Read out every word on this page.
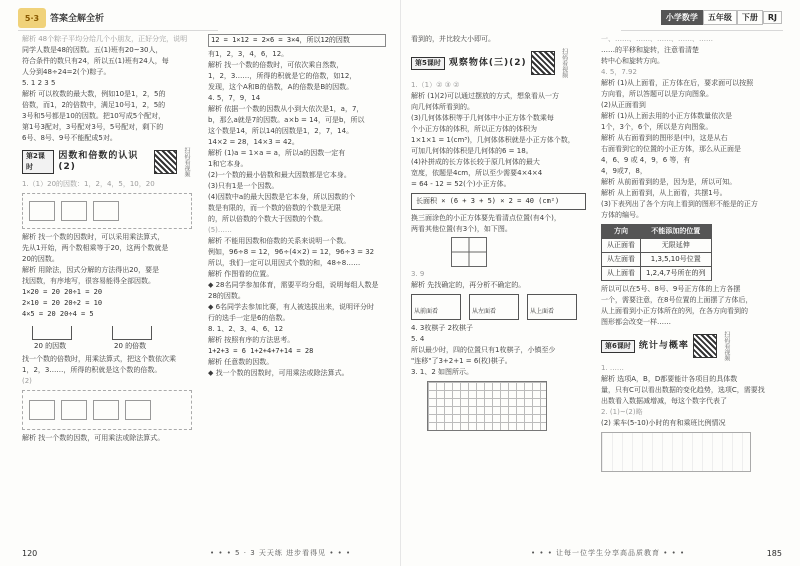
5·3	答案全解全析
解析 48个粽子平均分给几个小朋友，正好分完，说明
同学人数是48的因数。五(1)班有20~30人，
符合条件的数只有24，所以五(1)班有24人，每
人分到48÷24=2(个)粽子。
5. 1 2 3 5
解析 可以枚数的最大数，例如10是1，2，5的
倍数，而1，2的倍数中，满足10号1，2，5的
3号和5号都是10的因数。把10写成5个配对，
第1号3配对，3号配对3号，5号配对，剩下的
6号、8号、9号不能配成5对。
第2课时
因数和倍数的认识(2)	扫码看视频
1.（1）20的因数：1，2，4，5，10，20
解析 找一个数的因数时，可以采用乘法算式，
先从1开始，两个数相乘等于20，这两个数就是
20的因数。
解析 用除法，因式分解的方法得出20，要是
找因数，有序地写，很容易能得全部因数。
1×20 = 20 20÷1 = 20
2×10 = 20 20÷2 = 10
4×5 = 20 20÷4 = 5
20 的因数	20 的倍数
找一个数的倍数时，用乘法算式，把这个数依次乘
1，2，3……，所得的积就是这个数的倍数。
(2)
解析 找一个数的因数，可用乘法或除法算式。
12 = 1×12 = 2×6 = 3×4，所以12的因数
有1，2，3，4，6，12。
解析 找一个数的倍数时，可依次乘自然数，
1，2，3……，所得的积就是它的倍数，如12，
发现，这个A和B的倍数，A的倍数是B的因数。
4. 5，7，9，14
解析 依据一个数的因数从小到大依次是1，a，7，
b，那么a就是7的因数。a×b = 14，可是b，所以
这个数是14，所以14的因数是1，2，7，14。
14×2 = 28，14×3 = 42。
解析 (1)a = 1×a = a，所以a的因数一定有
1和它本身。
(2)一个数的最小倍数和最大因数都是它本身。
(3)只有1是一个因数。
(4)因数中a的最大因数是它本身，所以因数的个
数是有限的，而一个数的倍数的个数是无限
的，所以倍数的个数大于因数的个数。
(5)……
解析 不能用因数和倍数的关系来说明一个数。
例如，96÷8 = 12，96÷(4×2) = 12，96÷3 = 32
所以，我们一定可以用因式个数的和，48÷8……
解析 作图看的位置。
◆ 28名同学参加体育，需要平均分组，说明每组人数是
28的因数。
◆ 6名同学去参加比赛，有人被选拔出来，说明评分时
行的选手一定是6的倍数。
8. 1、2、3、4、6、12
解析 按照有序的方法思考。
1+2+3 = 6 1+2+4+7+14 = 28
解析 任意数的因数。
◆ 找一个数的因数时，可用乘法或除法算式。
120	• • • 5 · 3 天天练 进步看得见 • • •
小学数学	五年级	下册	RJ
看到的，并比较大小即可。
第5课时 观察物体(三)(2)	扫码看视频
1.（1）② ③ ②
解析 (1)(2)可以通过摆放的方式，想象看从一方
向几何体所看到的。
(3)几何体体积等于几何体中小正方体个数乘每
个小正方体的体积，所以正方体的体积为
1×1×1 = 1(cm³)，几何体体积就是小正方体个数，
可加几何体的体积是几何体的6 = 18。
(4)补拼成的长方体长较于原几何体的最大
宽度，依题是4cm，所以至少需要4×4×4
= 64 - 12 = 52(个)小正方体。
长面积 × (6 + 3 + 5) × 2 = 40 (cm²)
换三面涂色的小正方体要先看清点位置(有4个)，
两看其他位置(有3个)，如下图。
3. 9
解析 先找确定的，再分析不确定的。
从前面看	从左面看	从上面看
4. 3枚棋子 2枚棋子
5. 4
所以最少时，四的位置只有1枚棋子，小镇至少
"连移"了3+2+1 = 6(枚)棋子。
3. 1、2 如图所示。
一、……、……、……、……、……
……的平移和旋转，注意看清楚
转中心和旋转方向。
4. 5，7.92
解析 (1)从上面看，正方体在后，要求面可以按照
方向看，所以答题可以是方向图象。
(2)从正面看到
解析 (1)从上面去用的小正方体数量依次是
1个，3个，6个，所以是方向图象。
解析 从右面看到的图形是(中)，这是从右
右面看到它的位置的小正方体，那么从正面是
4，6、9 或 4，9，6 等，有
4，9或7，8，
解析 从前面看到的是，因为是，所以可知。
解析 从上面看到，从上面看，共摆1号。
(3)下表列出了各个方向上看到的图形不能是的正方
方体的编号。
方向	不能添加的位置
从正面看	无限延伸
从左面看	1,3,5,10号位置
从上面看	1,2,4,7号所在的列
所以可以在5号、8号、9号正方体的上方各摆
一个，需要注意，在8号位置的上面摆了方体后，
从上面看到小正方体所在的列，在各方向看到的
图形都会改变一样……
第6课时 统计与概率	扫码看视频
1. ……
解析 选项A，B，D都要能计各项目的具体数
量，只有C可以看出数据的变化趋势，选项C，需要找
出数看入数据减增减，每这个数字代表了
2. (1)~(2)略
(2) 乘车(5-10)小时的有和乘班比例情况
• • • 让每一位学生分享高品质教育 • • •	185
